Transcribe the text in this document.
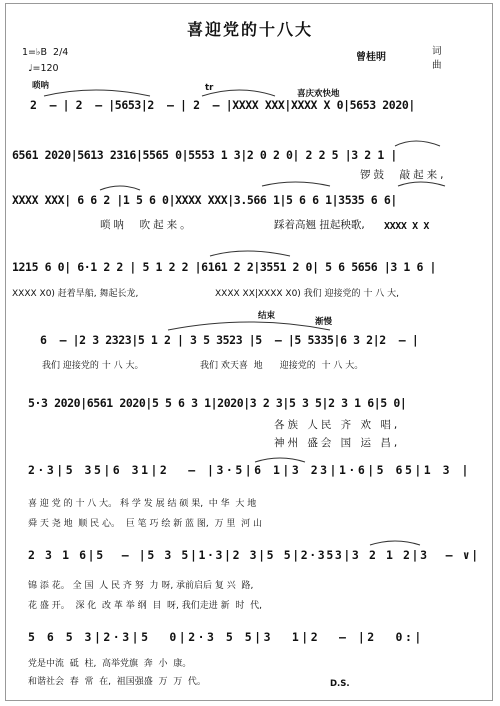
喜迎党的十八大
1=♭B  2/4
♩=120
曾桂明
词
曲
唢呐	tr
喜庆欢快地
2  — | 2  — |5653|2  — | 2  — |XXXX XXX|XXXX X 0|5653 2020|
6561 2020|5613 2316|5565 0|5553 1 3|2 0 2 0| 2 2 5 |3 2 1 |
锣鼓  敲起来,
XXXX XXX| 6 6 2 |1 5 6 0|XXXX XXX|3.566 1|5 6 6 1|3535 6 6|
唢呐  吹起来。	踩着高翘 扭起秧歌, XXXX X X
1215 6 0| 6·1 2 2 | 5 1 2 2 |6161 2 2|3551 2 0| 5 6 5656 |3 1 6 |
XXXX X0) 赶着旱船, 舞起长龙,	XXXX XX|XXXX X0) 我们 迎接党的 十 八 大,
结束
渐慢
6  — |2 3 2323|5 1 2 | 3 5 3523 |5  — |5 5335|6 3 2|2  — |
我们 迎接党的 十 八 大。	我们 欢天喜  地      迎接党的  十 八 大。
5·3 2020|6561 2020|5 5 6 3 1|2020|3 2 3|5 3 5|2 3 1 6|5 0|
各族 人民 齐 欢 唱,
神州 盛会 国 运 昌,
2·3|5 35|6 31|2  — |3·5|6 1|3 23|1·6|5 65|1 3 |
喜 迎 党 的 十 八 大。 科 学 发 展 结 硕 果,  中 华  大 地
舜 天 尧 地  顺 民 心。  巨 笔 巧 绘 新 蓝 图,  万 里  河 山
2 3 1 6|5  — |5 3 5|1·3|2 3|5 5|2·353|3 2 1 2|3  — ∨|
锦 添 花。 全 国  人 民 齐 努  力 呀, 承前启后 复 兴  路,
花 盛 开。  深 化  改 革 举 纲  目  呀, 我们走进 新  时  代,
5 6 5 3|2·3|5  0|2·3 5 5|3  1|2  — |2  0:|
党是中流  砥  柱,  高举党旗  奔  小  康。
和谐社会  春  常  在,  祖国强盛  万  万  代。	D.S.
